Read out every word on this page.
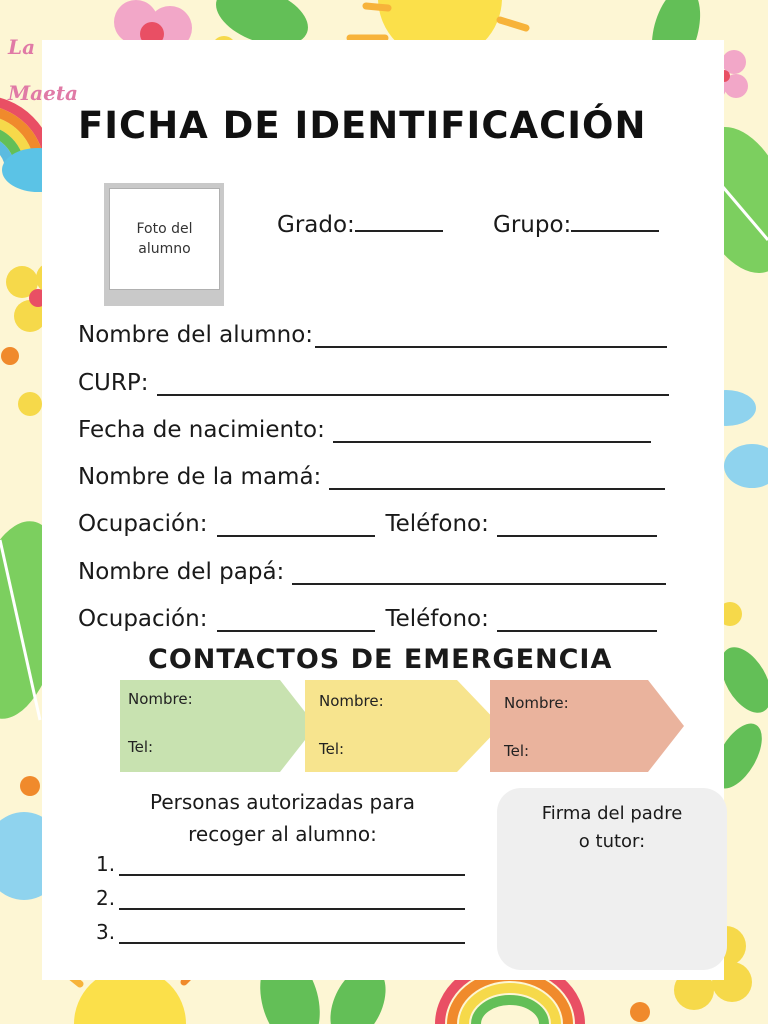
La Maeta
FICHA DE IDENTIFICACIÓN
Foto del alumno
Grado:	Grupo:
Nombre del alumno:
CURP:
Fecha de nacimiento:
Nombre de la mamá:
Ocupación:	Teléfono:
Nombre del papá:
Ocupación:	Teléfono:
CONTACTOS DE EMERGENCIA
Nombre:
Tel:
Nombre:
Tel:
Nombre:
Tel:
Personas autorizadas para
recoger al alumno:
1.
2.
3.
Firma del padre
o tutor:
